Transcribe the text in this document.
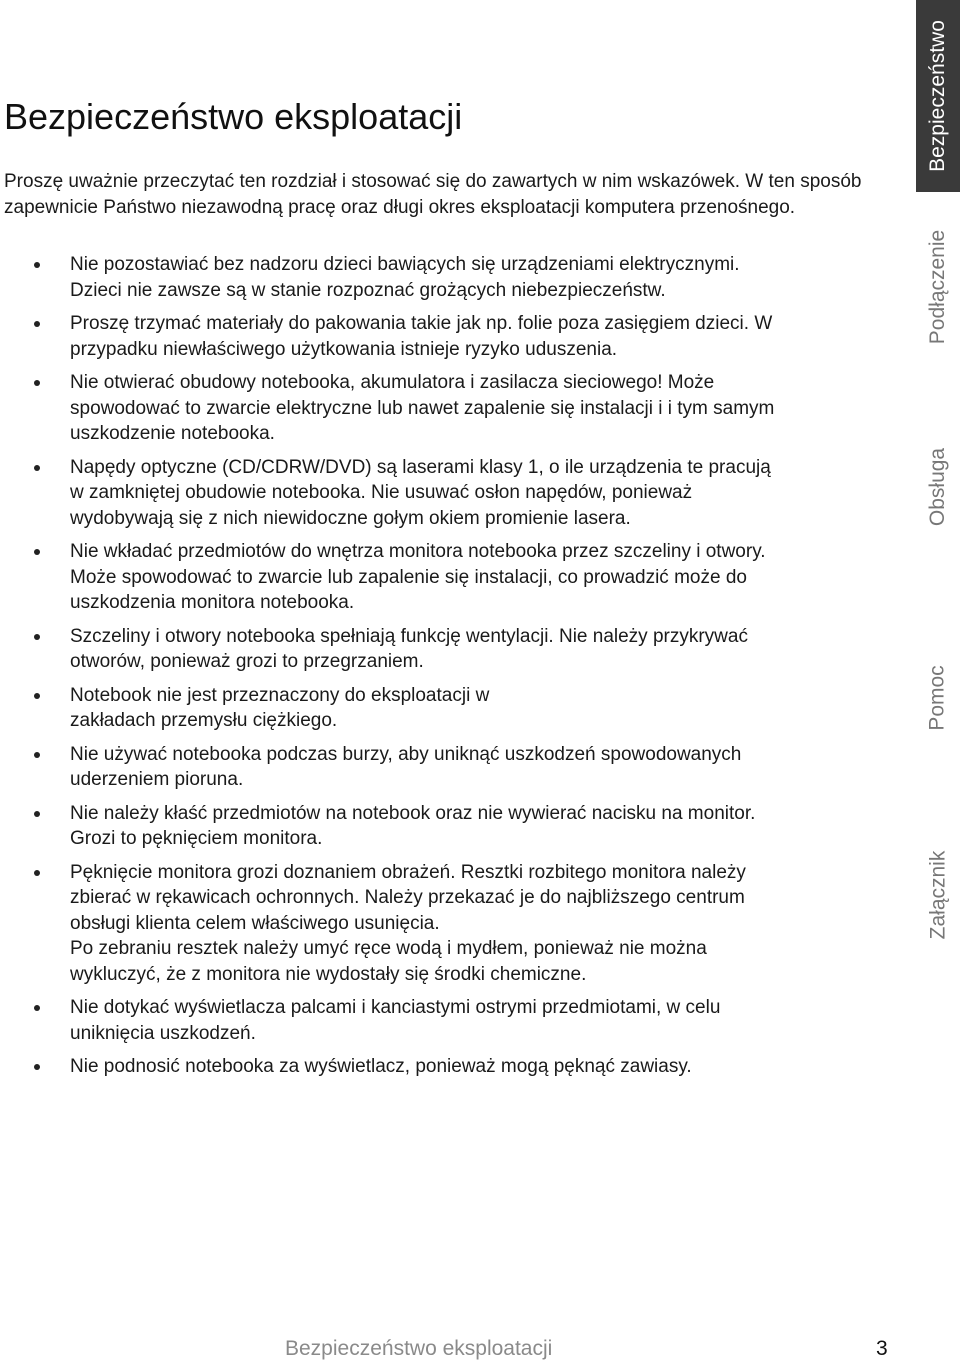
Bezpieczeństwo eksploatacji

Proszę uważnie przeczytać ten rozdział i stosować się do zawartych w nim wskazówek. W ten sposób zapewnicie Państwo niezawodną pracę oraz długi okres eksploatacji komputera przenośnego.

Nie pozostawiać bez nadzoru dzieci bawiących się urządzeniami elektrycznymi.
Dzieci nie zawsze są w stanie rozpoznać grożących niebezpieczeństw.
Proszę trzymać materiały do pakowania takie jak np. folie poza zasięgiem dzieci. W
przypadku niewłaściwego użytkowania istnieje ryzyko uduszenia.
Nie otwierać obudowy notebooka, akumulatora i zasilacza sieciowego! Może
spowodować to zwarcie elektryczne lub nawet zapalenie się instalacji i i tym samym
uszkodzenie notebooka.
Napędy optyczne (CD/CDRW/DVD) są laserami klasy 1, o ile urządzenia te pracują
w zamkniętej obudowie notebooka. Nie usuwać osłon napędów, ponieważ
wydobywają się z nich niewidoczne gołym okiem promienie lasera.
Nie wkładać przedmiotów do wnętrza monitora notebooka przez szczeliny i otwory.
Może spowodować to zwarcie lub zapalenie się instalacji, co prowadzić może do
uszkodzenia monitora notebooka.
Szczeliny i otwory notebooka spełniają funkcję wentylacji. Nie należy przykrywać
otworów, ponieważ grozi to przegrzaniem.
Notebook nie jest przeznaczony do eksploatacji w
zakładach przemysłu ciężkiego.
Nie używać notebooka podczas burzy, aby uniknąć uszkodzeń spowodowanych
uderzeniem pioruna.
Nie należy kłaść przedmiotów na notebook oraz nie wywierać nacisku na monitor.
Grozi to pęknięciem monitora.
Pęknięcie monitora grozi doznaniem obrażeń. Resztki rozbitego monitora należy
zbierać w rękawicach ochronnych. Należy przekazać je do najbliższego centrum
obsługi klienta celem właściwego usunięcia.
Po zebraniu resztek należy umyć ręce wodą i mydłem, ponieważ nie można
wykluczyć, że z monitora nie wydostały się środki chemiczne.
Nie dotykać wyświetlacza palcami i kanciastymi ostrymi przedmiotami, w celu
uniknięcia uszkodzeń.
Nie podnosić notebooka za wyświetlacz, ponieważ mogą pęknąć zawiasy.
Bezpieczeństwo
Podłączenie
Obsługa
Pomoc
Załącznik
Bezpieczeństwo eksploatacji	3
